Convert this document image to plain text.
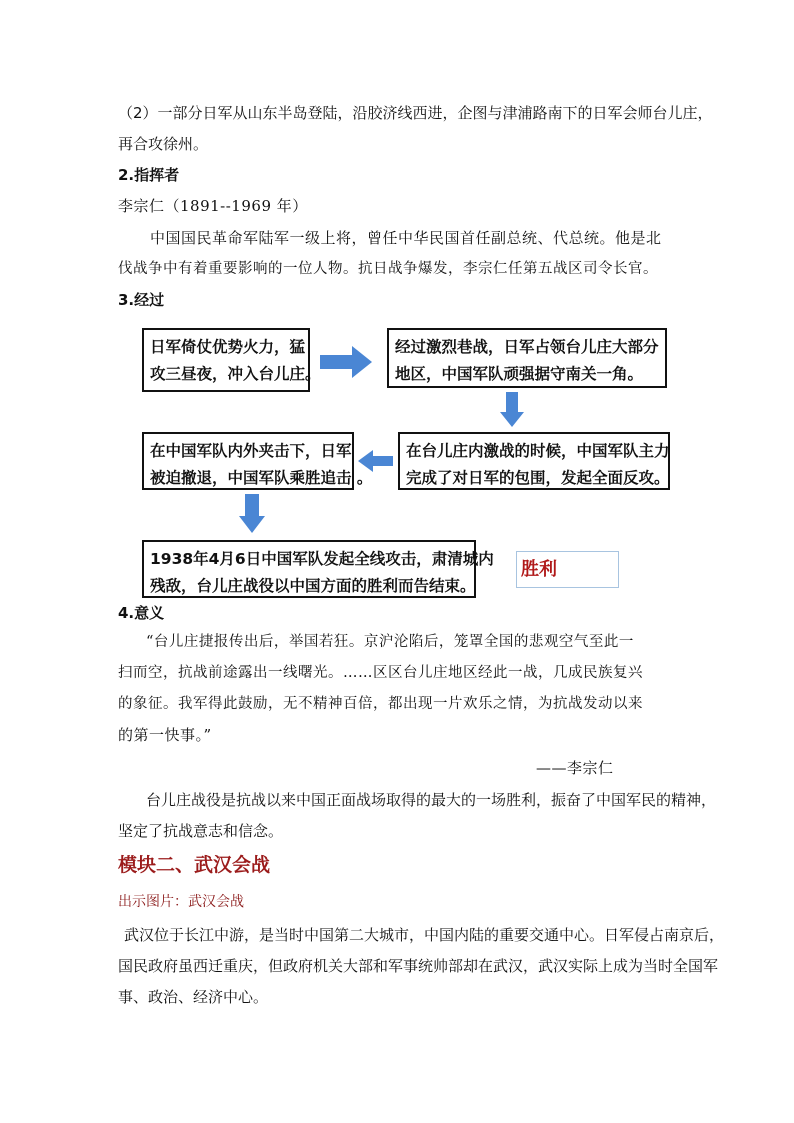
（2）一部分日军从山东半岛登陆，沿胶济线西进，企图与津浦路南下的日军会师台儿庄，
再合攻徐州。
2.指挥者
李宗仁（1891--1969 年）
中国国民革命军陆军一级上将，曾任中华民国首任副总统、代总统。他是北
伐战争中有着重要影响的一位人物。抗日战争爆发，李宗仁任第五战区司令长官。
3.经过
日军倚仗优势火力，猛
攻三昼夜，冲入台儿庄。
经过激烈巷战，日军占领台儿庄大部分
地区，中国军队顽强据守南关一角。
在台儿庄内激战的时候，中国军队主力
完成了对日军的包围，发起全面反攻。
在中国军队内外夹击下，日军
被迫撤退，中国军队乘胜追击 。
1938年4月6日中国军队发起全线攻击，肃清城内
残敌，台儿庄战役以中国方面的胜利而告结束。
胜利
4.意义
“台儿庄捷报传出后，举国若狂。京沪沦陷后，笼罩全国的悲观空气至此一
扫而空，抗战前途露出一线曙光。……区区台儿庄地区经此一战，几成民族复兴
的象征。我军得此鼓励，无不精神百倍，都出现一片欢乐之情，为抗战发动以来
的第一快事。”
——李宗仁
台儿庄战役是抗战以来中国正面战场取得的最大的一场胜利，振奋了中国军民的精神，
坚定了抗战意志和信念。
模块二、武汉会战
出示图片：武汉会战
武汉位于长江中游，是当时中国第二大城市，中国内陆的重要交通中心。日军侵占南京后，
国民政府虽西迁重庆，但政府机关大部和军事统帅部却在武汉，武汉实际上成为当时全国军
事、政治、经济中心。
